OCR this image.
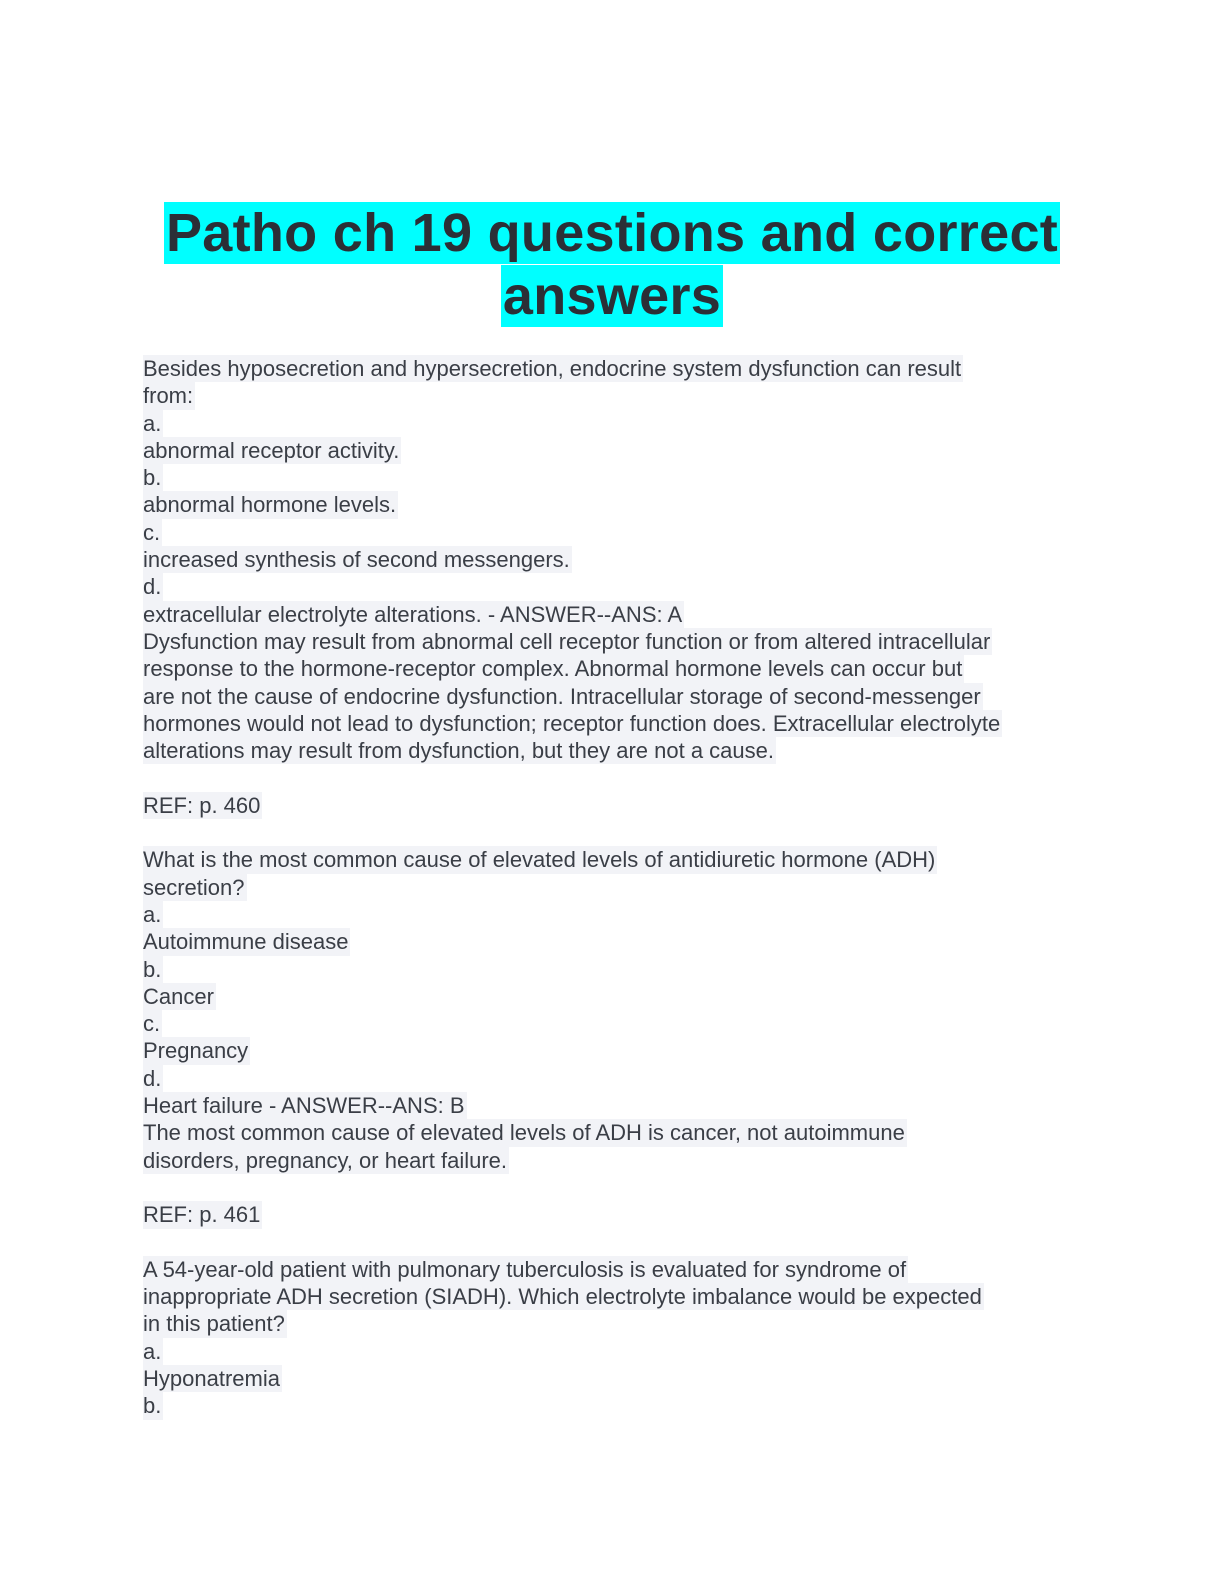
Patho ch 19 questions and correct
answers
Besides hyposecretion and hypersecretion, endocrine system dysfunction can result
from:
a.
abnormal receptor activity.
b.
abnormal hormone levels.
c.
increased synthesis of second messengers.
d.
extracellular electrolyte alterations. - ANSWER--ANS: A
Dysfunction may result from abnormal cell receptor function or from altered intracellular
response to the hormone-receptor complex. Abnormal hormone levels can occur but
are not the cause of endocrine dysfunction. Intracellular storage of second-messenger
hormones would not lead to dysfunction; receptor function does. Extracellular electrolyte
alterations may result from dysfunction, but they are not a cause.
REF: p. 460
What is the most common cause of elevated levels of antidiuretic hormone (ADH)
secretion?
a.
Autoimmune disease
b.
Cancer
c.
Pregnancy
d.
Heart failure - ANSWER--ANS: B
The most common cause of elevated levels of ADH is cancer, not autoimmune
disorders, pregnancy, or heart failure.
REF: p. 461
A 54-year-old patient with pulmonary tuberculosis is evaluated for syndrome of
inappropriate ADH secretion (SIADH). Which electrolyte imbalance would be expected
in this patient?
a.
Hyponatremia
b.
